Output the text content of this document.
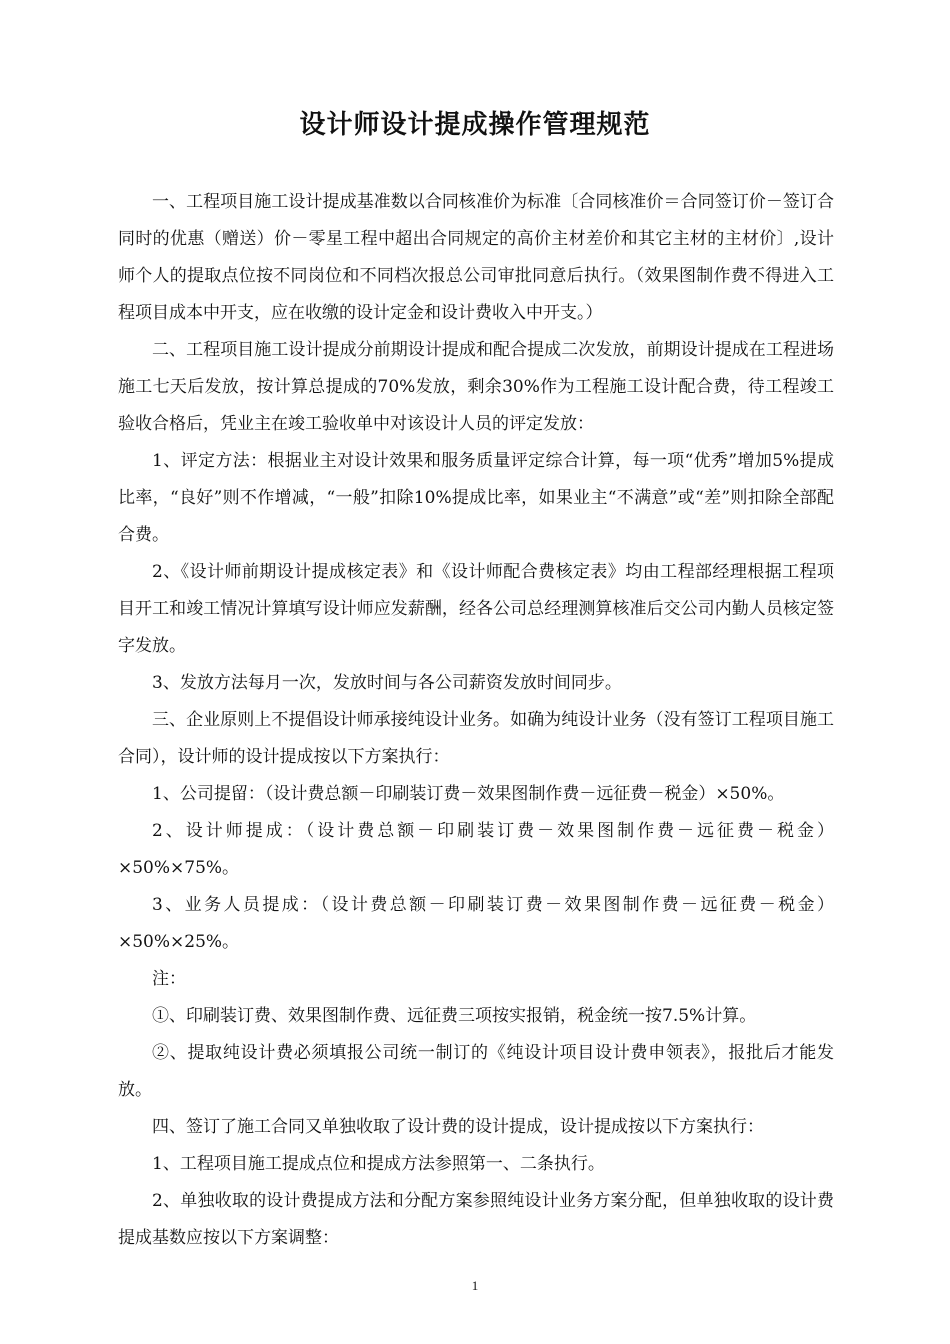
设计师设计提成操作管理规范

一、工程项目施工设计提成基准数以合同核准价为标准〔合同核准价＝合同签订价－签订合同时的优惠（赠送）价－零星工程中超出合同规定的高价主材差价和其它主材的主材价〕,设计师个人的提取点位按不同岗位和不同档次报总公司审批同意后执行。（效果图制作费不得进入工程项目成本中开支，应在收缴的设计定金和设计费收入中开支。）

二、工程项目施工设计提成分前期设计提成和配合提成二次发放，前期设计提成在工程进场施工七天后发放，按计算总提成的70%发放，剩余30%作为工程施工设计配合费，待工程竣工验收合格后，凭业主在竣工验收单中对该设计人员的评定发放：

1、评定方法：根据业主对设计效果和服务质量评定综合计算，每一项“优秀”增加5%提成比率，“良好”则不作增减，“一般”扣除10%提成比率，如果业主“不满意”或“差”则扣除全部配合费。

2、《设计师前期设计提成核定表》和《设计师配合费核定表》均由工程部经理根据工程项目开工和竣工情况计算填写设计师应发薪酬，经各公司总经理测算核准后交公司内勤人员核定签字发放。

3、发放方法每月一次，发放时间与各公司薪资发放时间同步。

三、企业原则上不提倡设计师承接纯设计业务。如确为纯设计业务（没有签订工程项目施工合同），设计师的设计提成按以下方案执行：

1、公司提留：（设计费总额－印刷装订费－效果图制作费－远征费－税金）×50%。

2、设计师提成：（设计费总额－印刷装订费－效果图制作费－远征费－税金）×50%×75%。

3、业务人员提成：（设计费总额－印刷装订费－效果图制作费－远征费－税金）×50%×25%。

注：

①、印刷装订费、效果图制作费、远征费三项按实报销，税金统一按7.5%计算。

②、提取纯设计费必须填报公司统一制订的《纯设计项目设计费申领表》，报批后才能发放。

四、签订了施工合同又单独收取了设计费的设计提成，设计提成按以下方案执行：

1、工程项目施工提成点位和提成方法参照第一、二条执行。

2、单独收取的设计费提成方法和分配方案参照纯设计业务方案分配，但单独收取的设计费提成基数应按以下方案调整：

1
